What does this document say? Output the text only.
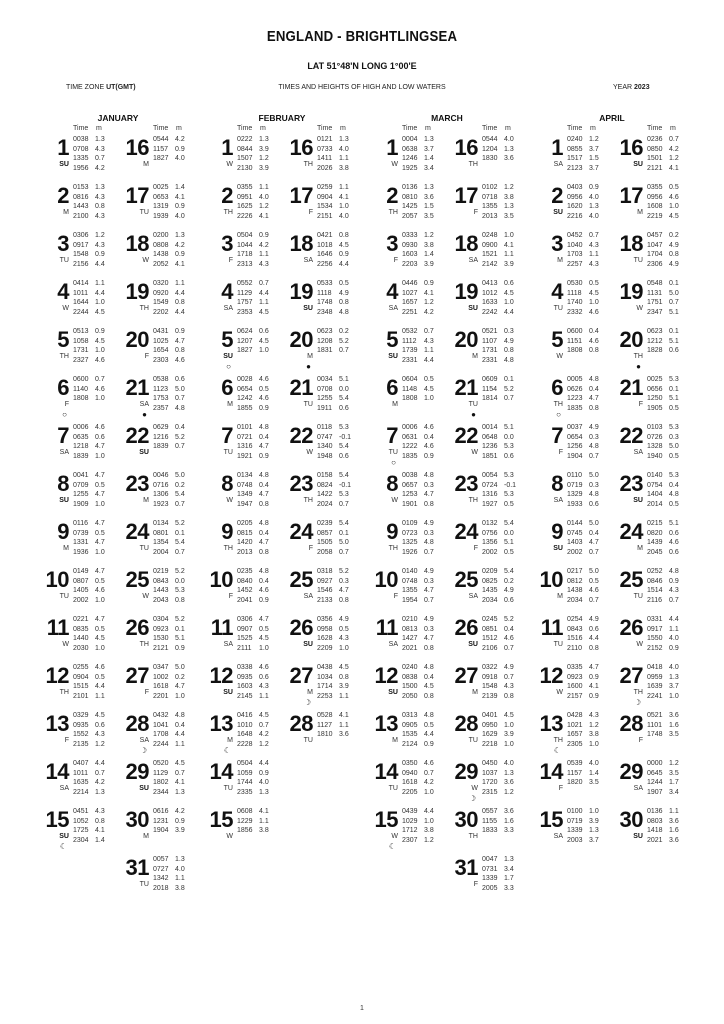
ENGLAND - BRIGHTLINGSEA
LAT 51°48'N LONG 1°00'E
TIME ZONE UT(GMT)	TIMES AND HEIGHTS OF HIGH AND LOW WATERS	YEAR 2023
JANUARY
Time m
1
SU
0038 1.3
0708 4.3
1335 0.7
1956 4.2
2
M
0153 1.3
0816 4.3
1443 0.8
2100 4.3
3
TU
0306 1.2
0917 4.3
1548 0.9
2156 4.4
4
W
0414 1.1
1011 4.4
1644 1.0
2244 4.5
5
TH
0513 0.9
1058 4.5
1731 1.0
2327 4.6
6
F
○
0600 0.7
1140 4.6
1808 1.0
7
SA
0006 4.6
0635 0.6
1218 4.7
1839 1.0
8
SU
0041 4.7
0709 0.5
1255 4.7
1909 1.0
9
M
0116 4.7
0739 0.5
1331 4.7
1936 1.0
10
TU
0149 4.7
0807 0.5
1405 4.6
2002 1.0
11
W
0221 4.7
0835 0.5
1440 4.5
2030 1.0
12
TH
0255 4.6
0904 0.5
1515 4.4
2101 1.1
13
F
0329 4.5
0935 0.6
1552 4.3
2135 1.2
14
SA
0407 4.4
1011 0.7
1635 4.2
2214 1.3
15
SU
☾
0451 4.3
1052 0.8
1725 4.1
2304 1.4
Time m
16
M
0544 4.2
1157 0.9
1827 4.0
17
TU
0025 1.4
0653 4.1
1319 0.9
1939 4.0
18
W
0200 1.3
0808 4.2
1438 0.9
2052 4.1
19
TH
0320 1.1
0920 4.4
1549 0.8
2202 4.4
20
F
0431 0.9
1025 4.7
1654 0.8
2303 4.6
21
SA
●
0538 0.6
1123 5.0
1753 0.7
2357 4.8
22
SU
0629 0.4
1216 5.2
1839 0.7
23
M
0046 5.0
0716 0.2
1306 5.4
1923 0.7
24
TU
0134 5.2
0801 0.1
1354 5.4
2004 0.7
25
W
0219 5.2
0843 0.0
1443 5.3
2043 0.8
26
TH
0304 5.2
0923 0.1
1530 5.1
2121 0.9
27
F
0347 5.0
1002 0.2
1618 4.7
2201 1.0
28
SA
☽
0432 4.8
1041 0.4
1708 4.4
2244 1.1
29
SU
0520 4.5
1129 0.7
1802 4.1
2344 1.3
30
M
0616 4.2
1231 0.9
1904 3.9
31
TU
0057 1.3
0727 4.0
1342 1.1
2018 3.8
FEBRUARY
Time m
1
W
0222 1.3
0844 3.9
1507 1.2
2130 3.9
2
TH
0355 1.1
0951 4.0
1625 1.2
2226 4.1
3
F
0504 0.9
1044 4.2
1718 1.1
2313 4.3
4
SA
0552 0.7
1129 4.4
1757 1.1
2353 4.5
5
SU
○
0624 0.6
1207 4.5
1827 1.0
6
M
0028 4.6
0654 0.5
1242 4.6
1855 0.9
7
TU
0101 4.8
0721 0.4
1316 4.7
1921 0.9
8
W
0134 4.8
0748 0.4
1349 4.7
1947 0.8
9
TH
0205 4.8
0815 0.4
1420 4.7
2013 0.8
10
F
0235 4.8
0840 0.4
1452 4.6
2041 0.9
11
SA
0306 4.7
0907 0.5
1525 4.5
2111 1.0
12
SU
0338 4.6
0935 0.6
1603 4.3
2145 1.1
13
M
☾
0416 4.5
1010 0.7
1648 4.2
2228 1.2
14
TU
0504 4.4
1059 0.9
1744 4.0
2335 1.3
15
W
0608 4.1
1229 1.1
1856 3.8
Time m
16
TH
0121 1.3
0733 4.0
1411 1.1
2026 3.8
17
F
0259 1.1
0904 4.1
1534 1.0
2151 4.0
18
SA
0421 0.8
1018 4.5
1646 0.9
2256 4.4
19
SU
0533 0.5
1118 4.9
1748 0.8
2348 4.8
20
M
●
0623 0.2
1208 5.2
1831 0.7
21
TU
0034 5.1
0708 0.0
1255 5.4
1911 0.6
22
W
0118 5.3
0747 -0.1
1340 5.4
1948 0.6
23
TH
0158 5.4
0824 -0.1
1422 5.3
2024 0.7
24
F
0239 5.4
0857 0.1
1505 5.0
2058 0.7
25
SA
0318 5.2
0927 0.3
1546 4.7
2133 0.8
26
SU
0356 4.9
0958 0.5
1628 4.3
2209 1.0
27
M
☽
0438 4.5
1034 0.8
1714 3.9
2253 1.1
28
TU
0528 4.1
1127 1.1
1810 3.6
MARCH
Time m
1
W
0004 1.3
0638 3.7
1246 1.4
1925 3.4
2
TH
0136 1.3
0810 3.6
1425 1.5
2057 3.5
3
F
0333 1.2
0930 3.8
1603 1.4
2203 3.9
4
SA
0446 0.9
1027 4.1
1657 1.2
2251 4.2
5
SU
0532 0.7
1112 4.3
1739 1.1
2331 4.4
6
M
0604 0.5
1148 4.5
1808 1.0
7
TU
○
0006 4.6
0631 0.4
1222 4.6
1835 0.9
8
W
0038 4.8
0657 0.3
1253 4.7
1901 0.8
9
TH
0109 4.9
0723 0.3
1325 4.8
1926 0.7
10
F
0140 4.9
0748 0.3
1355 4.7
1954 0.7
11
SA
0210 4.9
0813 0.3
1427 4.7
2021 0.8
12
SU
0240 4.8
0838 0.4
1500 4.5
2050 0.8
13
M
0313 4.8
0905 0.5
1535 4.4
2124 0.9
14
TU
0350 4.6
0940 0.7
1618 4.2
2205 1.0
15
W
☾
0439 4.4
1029 1.0
1712 3.8
2307 1.2
Time m
16
TH
0544 4.0
1204 1.3
1830 3.6
17
F
0102 1.2
0718 3.8
1355 1.3
2013 3.5
18
SA
0248 1.0
0900 4.1
1521 1.1
2142 3.9
19
SU
0413 0.6
1012 4.5
1633 1.0
2242 4.4
20
M
0521 0.3
1107 4.9
1731 0.8
2331 4.8
21
TU
●
0609 0.1
1154 5.2
1814 0.7
22
W
0014 5.1
0648 0.0
1236 5.3
1851 0.6
23
TH
0054 5.3
0724 -0.1
1316 5.3
1927 0.5
24
F
0132 5.4
0756 0.0
1356 5.1
2002 0.5
25
SA
0209 5.4
0825 0.2
1435 4.9
2034 0.6
26
SU
0245 5.2
0851 0.4
1512 4.6
2106 0.7
27
M
0322 4.9
0918 0.7
1548 4.3
2139 0.8
28
TU
0401 4.5
0950 1.0
1629 3.9
2218 1.0
29
W
☽
0450 4.0
1037 1.3
1720 3.6
2315 1.2
30
TH
0557 3.6
1155 1.6
1833 3.3
31
F
0047 1.3
0731 3.4
1339 1.7
2005 3.3
APRIL
Time m
1
SA
0240 1.2
0855 3.7
1517 1.5
2123 3.7
2
SU
0403 0.9
0956 4.0
1620 1.3
2216 4.0
3
M
0452 0.7
1040 4.3
1703 1.1
2257 4.3
4
TU
0530 0.5
1118 4.5
1740 1.0
2332 4.6
5
W
0600 0.4
1151 4.6
1808 0.8
6
TH
○
0005 4.8
0626 0.4
1223 4.7
1835 0.8
7
F
0037 4.9
0654 0.3
1256 4.8
1904 0.7
8
SA
0110 5.0
0719 0.3
1329 4.8
1933 0.6
9
SU
0144 5.0
0745 0.4
1403 4.7
2002 0.7
10
M
0217 5.0
0812 0.5
1438 4.6
2034 0.7
11
TU
0254 4.9
0843 0.6
1516 4.4
2110 0.8
12
W
0335 4.7
0923 0.9
1600 4.1
2157 0.9
13
TH
☾
0428 4.3
1021 1.2
1657 3.8
2305 1.0
14
F
0539 4.0
1157 1.4
1820 3.5
15
SA
0100 1.0
0719 3.9
1339 1.3
2003 3.7
Time m
16
SU
0236 0.7
0850 4.2
1501 1.2
2121 4.1
17
M
0355 0.5
0956 4.6
1608 1.0
2219 4.5
18
TU
0457 0.2
1047 4.9
1704 0.8
2306 4.9
19
W
0548 0.1
1131 5.0
1751 0.7
2347 5.1
20
TH
●
0623 0.1
1212 5.1
1828 0.6
21
F
0025 5.3
0656 0.1
1250 5.1
1905 0.5
22
SA
0103 5.3
0726 0.3
1328 5.0
1940 0.5
23
SU
0140 5.3
0754 0.4
1404 4.8
2014 0.5
24
M
0215 5.1
0820 0.6
1439 4.6
2045 0.6
25
TU
0252 4.8
0846 0.9
1514 4.3
2116 0.7
26
W
0331 4.4
0917 1.1
1550 4.0
2152 0.9
27
TH
☽
0418 4.0
0959 1.3
1639 3.7
2241 1.0
28
F
0521 3.6
1101 1.6
1748 3.5
29
SA
0000 1.2
0645 3.5
1244 1.7
1907 3.4
30
SU
0136 1.1
0803 3.6
1418 1.6
2021 3.6
1
